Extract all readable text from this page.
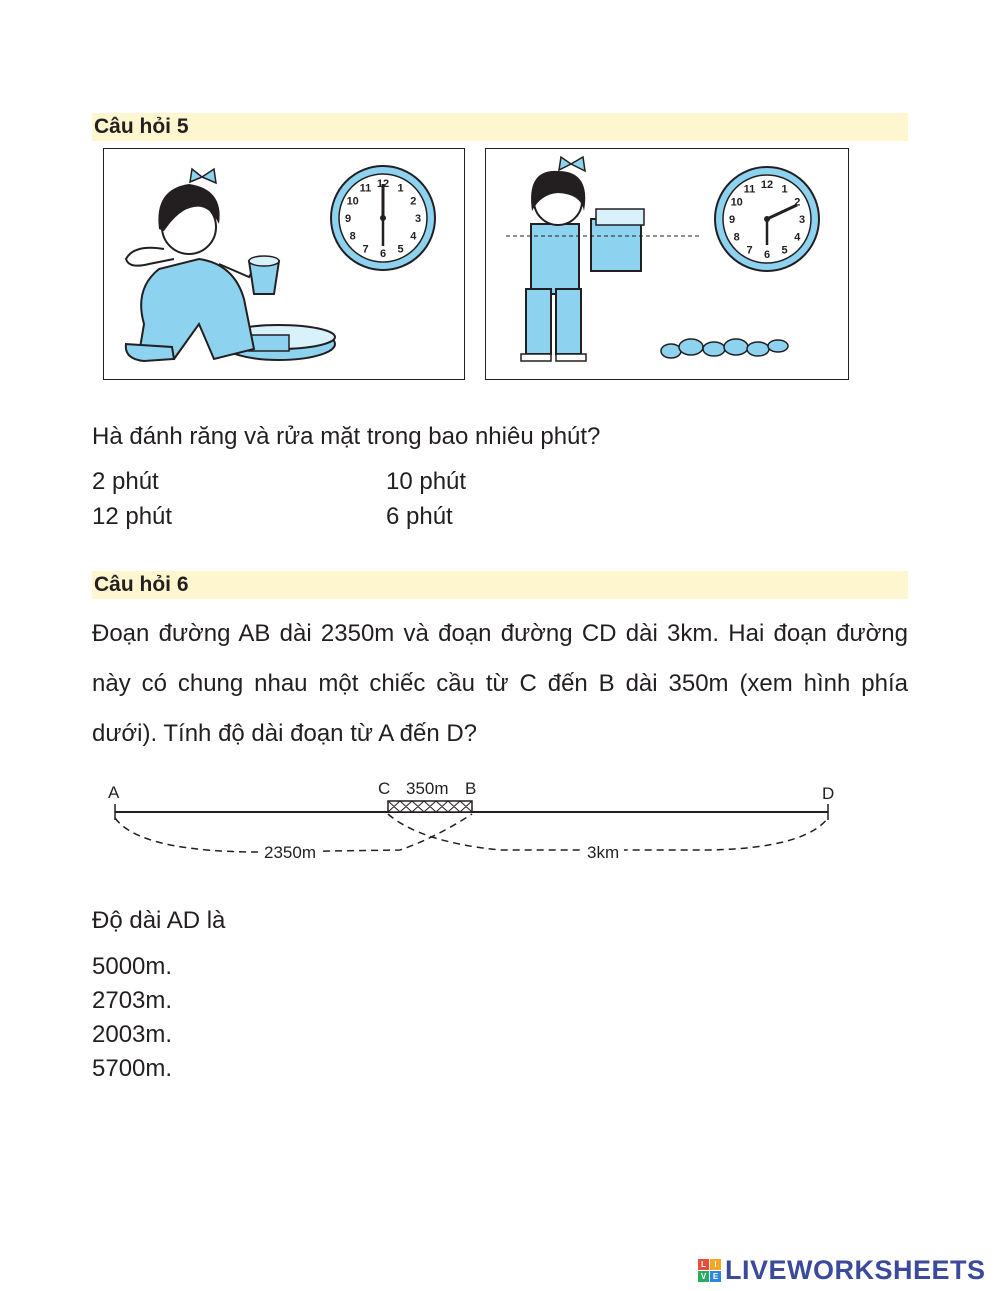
Câu hỏi 5
12 1
2
3
4
5
6
7
8
9
10
11	12 1
2
3
4
5
6
7
8
9
10
11
Hà đánh răng và rửa mặt trong bao nhiêu phút?
2 phút	10 phút
12 phút	6 phút
Câu hỏi 6
Đoạn đường AB dài 2350m và đoạn đường CD dài 3km. Hai đoạn đường này có chung nhau một chiếc cầu từ C đến B dài 350m (xem hình phía dưới). Tính độ dài đoạn từ A đến D?
A	C 350m B	D
2350m	3km
Độ dài AD là
5000m.
2703m.
2003m.
5700m.
L	I
V E LIVEWORKSHEETS
